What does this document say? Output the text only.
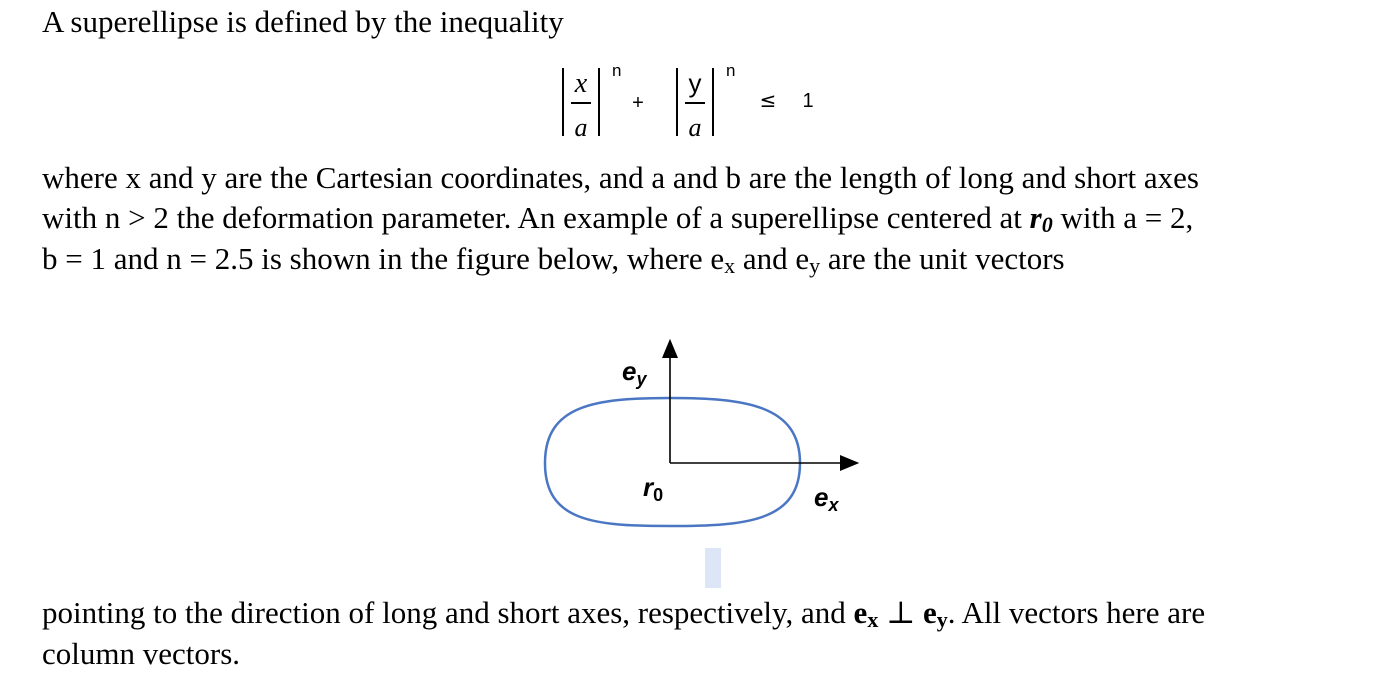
A superellipse is defined by the inequality
x
a
n
+
y
a
n
≤ 1
where x and y are the Cartesian coordinates, and a and b are the length of long and short axes
with n > 2 the deformation parameter. An example of a superellipse centered at r0 with a = 2,
b = 1 and n = 2.5 is shown in the figure below, where ex and ey are the unit vectors
ey
r0	ex
pointing to the direction of long and short axes, respectively, and ex ⊥ ey. All vectors here are
column vectors.
